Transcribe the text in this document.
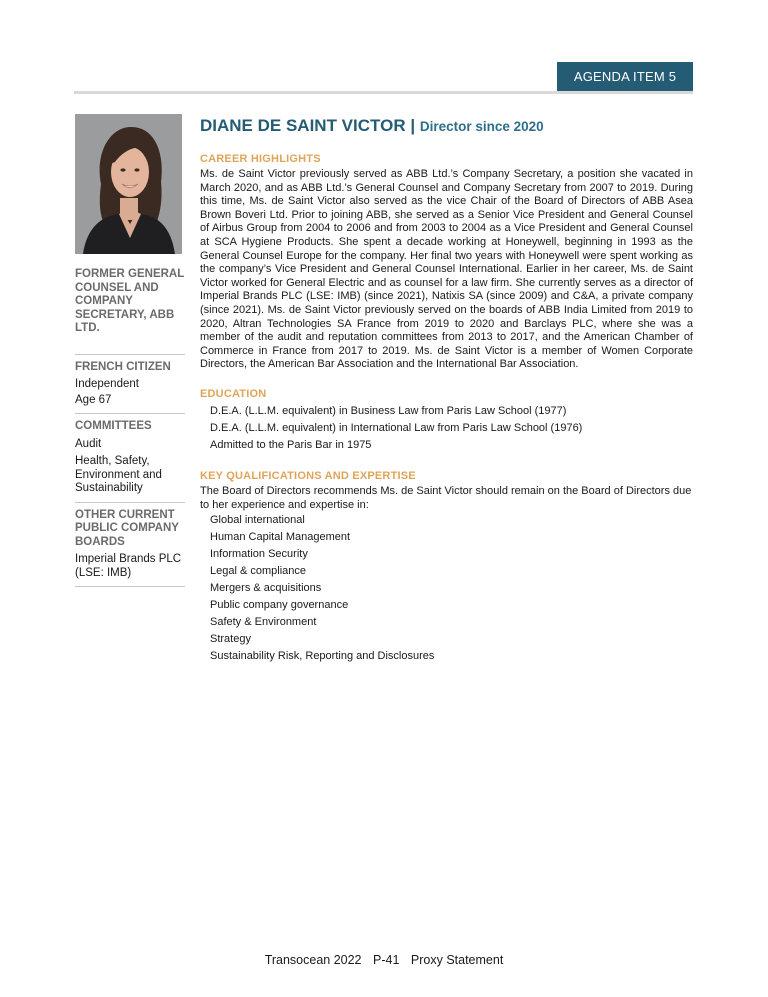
AGENDA ITEM 5

FORMER GENERAL COUNSEL AND COMPANY SECRETARY, ABB LTD.

FRENCH CITIZEN

Independent

Age 67

COMMITTEES

Audit

Health, Safety, Environment and Sustainability

OTHER CURRENT PUBLIC COMPANY BOARDS

Imperial Brands PLC (LSE: IMB)

DIANE DE SAINT VICTOR | Director since 2020

CAREER HIGHLIGHTS

Ms. de Saint Victor previously served as ABB Ltd.’s Company Secretary, a position she vacated in March 2020, and as ABB Ltd.’s General Counsel and Company Secretary from 2007 to 2019. During this time, Ms. de Saint Victor also served as the vice Chair of the Board of Directors of ABB Asea Brown Boveri Ltd. Prior to joining ABB, she served as a Senior Vice President and General Counsel of Airbus Group from 2004 to 2006 and from 2003 to 2004 as a Vice President and General Counsel at SCA Hygiene Products. She spent a decade working at Honeywell, beginning in 1993 as the General Counsel Europe for the company. Her final two years with Honeywell were spent working as the company’s Vice President and General Counsel International. Earlier in her career, Ms. de Saint Victor worked for General Electric and as counsel for a law firm. She currently serves as a director of Imperial Brands PLC (LSE: IMB) (since 2021), Natixis SA (since 2009) and C&A, a private company (since 2021). Ms. de Saint Victor previously served on the boards of ABB India Limited from 2019 to 2020, Altran Technologies SA France from 2019 to 2020 and Barclays PLC, where she was a member of the audit and reputation committees from 2013 to 2017, and the American Chamber of Commerce in France from 2017 to 2019. Ms. de Saint Victor is a member of Women Corporate Directors, the American Bar Association and the International Bar Association.

EDUCATION

D.E.A. (L.L.M. equivalent) in Business Law from Paris Law School (1977)
D.E.A. (L.L.M. equivalent) in International Law from Paris Law School (1976)
Admitted to the Paris Bar in 1975

KEY QUALIFICATIONS AND EXPERTISE

The Board of Directors recommends Ms. de Saint Victor should remain on the Board of Directors due to her experience and expertise in:

Global international
Human Capital Management
Information Security
Legal & compliance
Mergers & acquisitions
Public company governance
Safety & Environment
Strategy
Sustainability Risk, Reporting and Disclosures
Transocean 2022 P-41 Proxy Statement
